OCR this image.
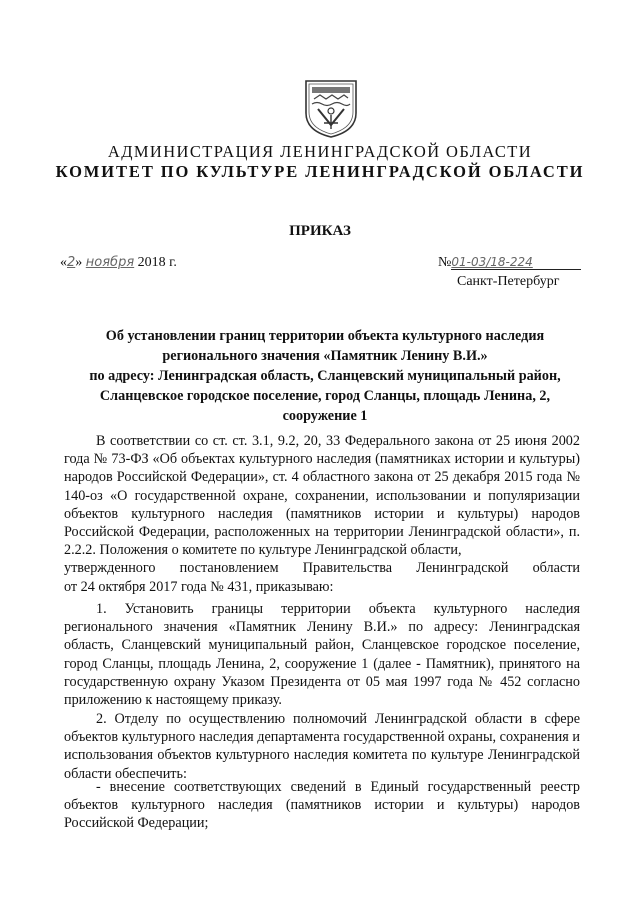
АДМИНИСТРАЦИЯ ЛЕНИНГРАДСКОЙ ОБЛАСТИ
КОМИТЕТ ПО КУЛЬТУРЕ ЛЕНИНГРАДСКОЙ ОБЛАСТИ
ПРИКАЗ
«2» ноября 2018 г.	№01-03/18-224
Санкт-Петербург
Об установлении границ территории объекта культурного наследия
регионального значения «Памятник Ленину В.И.»
по адресу: Ленинградская область, Сланцевский муниципальный район,
Сланцевское городское поселение, город Сланцы, площадь Ленина, 2,
сооружение 1

В соответствии со ст. ст. 3.1, 9.2, 20, 33 Федерального закона от 25 июня 2002 года № 73-ФЗ «Об объектах культурного наследия (памятниках истории и культуры) народов Российской Федерации», ст. 4 областного закона от 25 декабря 2015 года № 140-оз «О государственной охране, сохранении, использовании и популяризации объектов культурного наследия (памятников истории и культуры) народов Российской Федерации, расположенных на территории Ленинградской области», п. 2.2.2. Положения о комитете по культуре Ленинградской области,

утвержденного постановлением Правительства Ленинградской области
от 24 октября 2017 года № 431, приказываю:

1. Установить границы территории объекта культурного наследия регионального значения «Памятник Ленину В.И.» по адресу: Ленинградская область, Сланцевский муниципальный район, Сланцевское городское поселение, город Сланцы, площадь Ленина, 2, сооружение 1 (далее - Памятник), принятого на государственную охрану Указом Президента от 05 мая 1997 года № 452 согласно приложению к настоящему приказу.

2. Отделу по осуществлению полномочий Ленинградской области в сфере объектов культурного наследия департамента государственной охраны, сохранения и использования объектов культурного наследия комитета по культуре Ленинградской области обеспечить:

- внесение соответствующих сведений в Единый государственный реестр объектов культурного наследия (памятников истории и культуры) народов Российской Федерации;
